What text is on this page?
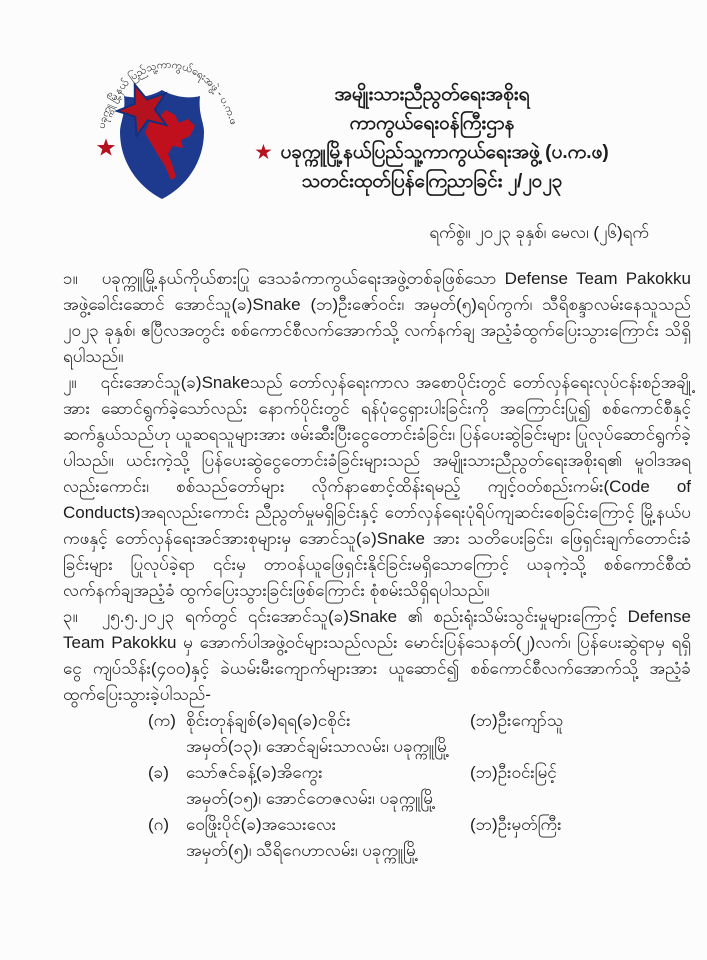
ပခုက္ကူ မြို့နယ် ပြည်သူ့ကာကွယ်ရေးအဖွဲ့ - ပ.က.ဖ
အမျိုးသားညီညွတ်ရေးအစိုးရ
ကာကွယ်ရေးဝန်ကြီးဌာန
★ ပခုက္ကူမြို့နယ်ပြည်သူ့ကာကွယ်ရေးအဖွဲ့ (ပ.က.ဖ)
သတင်းထုတ်ပြန်ကြေညာခြင်း ၂/၂၀၂၃
ရက်စွဲ။ ၂၀၂၃ ခုနှစ်၊ မေလ၊ (၂၆)ရက်

၁။ ပခုက္ကူမြို့နယ်ကိုယ်စားပြု ဒေသခံကာကွယ်ရေးအဖွဲ့တစ်ခုဖြစ်သော Defense Team Pakokku အဖွဲ့ခေါင်းဆောင် အောင်သူ(ခ)Snake (ဘ)ဦးဇော်ဝင်း၊ အမှတ်(၅)ရပ်ကွက်၊ သီရိစန္ဒာလမ်းနေသူသည် ၂၀၂၃ ခုနှစ်၊ ဧပြီလအတွင်း စစ်ကောင်စီလက်အောက်သို့ လက်နက်ချ အညံ့ခံထွက်ပြေးသွားကြောင်း သိရှိရပါသည်။

၂။ ၎င်းအောင်သူ(ခ)Snakeသည် တော်လှန်ရေးကာလ အစောပိုင်းတွင် တော်လှန်ရေးလုပ်ငန်းစဉ်အချို့အား ဆောင်ရွက်ခဲ့သော်လည်း နောက်ပိုင်းတွင် ရန်ပုံငွေရှားပါးခြင်းကို အကြောင်းပြု၍ စစ်ကောင်စီနှင့်ဆက်နွယ်သည်ဟု ယူဆရသူများအား ဖမ်းဆီးပြီးငွေတောင်းခံခြင်း၊ ပြန်ပေးဆွဲခြင်းများ ပြုလုပ်ဆောင်ရွက်ခဲ့ပါသည်။ ယင်းကဲ့သို့ ပြန်ပေးဆွဲငွေတောင်းခံခြင်းများသည် အမျိုးသားညီညွတ်ရေးအစိုးရ၏ မူဝါဒအရလည်းကောင်း၊ စစ်သည်တော်များ လိုက်နာစောင့်ထိန်းရမည့် ကျင့်ဝတ်စည်းကမ်း(Code of Conducts)အရလည်းကောင်း ညီညွတ်မှုမရှိခြင်းနှင့် တော်လှန်ရေးပုံရိပ်ကျဆင်းစေခြင်းကြောင့် မြို့နယ်ပကဖနှင့် တော်လှန်ရေးအင်အားစုများမှ အောင်သူ(ခ)Snake အား သတိပေးခြင်း၊ ဖြေရှင်းချက်တောင်းခံခြင်းများ ပြုလုပ်ခဲ့ရာ ၎င်းမှ တာဝန်ယူဖြေရှင်းနိုင်ခြင်းမရှိသောကြောင့် ယခုကဲ့သို့ စစ်ကောင်စီထံ လက်နက်ချအညံ့ခံ ထွက်ပြေးသွားခြင်းဖြစ်ကြောင်း စုံစမ်းသိရှိရပါသည်။

၃။ ၂၅.၅.၂၀၂၃ ရက်တွင် ၎င်းအောင်သူ(ခ)Snake ၏ စည်းရုံးသိမ်းသွင်းမှုများကြောင့် Defense Team Pakokku မှ အောက်ပါအဖွဲ့ဝင်များသည်လည်း မောင်းပြန်သေနတ်(၂)လက်၊ ပြန်ပေးဆွဲရာမှ ရရှိငွေ ကျပ်သိန်း(၄၀၀)နှင့် ခဲယမ်းမီးကျောက်များအား ယူဆောင်၍ စစ်ကောင်စီလက်အောက်သို့ အညံ့ခံထွက်ပြေးသွားခဲ့ပါသည်-

(က) စိုင်းတုန်ချစ်(ခ)ရရ(ခ)ငစိုင်း	(ဘ)ဦးကျော်သူ
အမှတ်(၁၃)၊ အောင်ချမ်းသာလမ်း၊ ပခုက္ကူမြို့
(ခ)	သော်ဇင်ခန့်(ခ)အိကွေး	(ဘ)ဦးဝင်းမြင့်
အမှတ်(၁၅)၊ အောင်တေဇလမ်း၊ ပခုက္ကူမြို့
(ဂ) ဝေဖြိုးပိုင်(ခ)အသေးလေး	(ဘ)ဦးမှတ်ကြီး
အမှတ်(၅)၊ သီရိဂေဟာလမ်း၊ ပခုက္ကူမြို့
